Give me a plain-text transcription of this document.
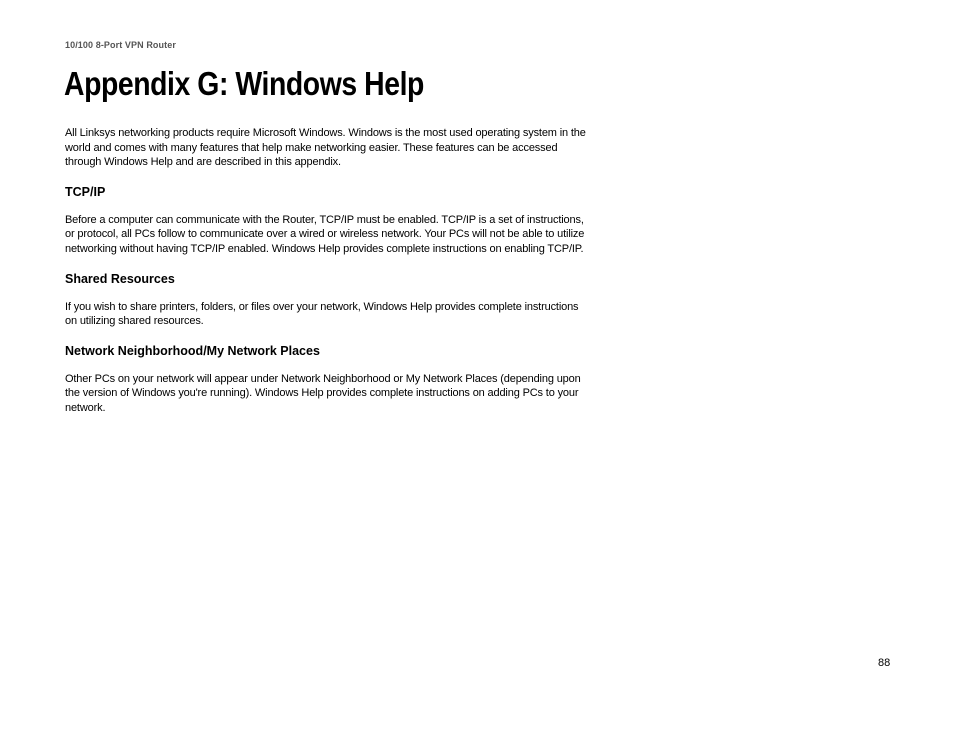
10/100 8-Port VPN Router
Appendix G: Windows Help

All Linksys networking products require Microsoft Windows. Windows is the most used operating system in the world and comes with many features that help make networking easier. These features can be accessed through Windows Help and are described in this appendix.

TCP/IP

Before a computer can communicate with the Router, TCP/IP must be enabled. TCP/IP is a set of instructions, or protocol, all PCs follow to communicate over a wired or wireless network. Your PCs will not be able to utilize networking without having TCP/IP enabled. Windows Help provides complete instructions on enabling TCP/IP.

Shared Resources

If you wish to share printers, folders, or files over your network, Windows Help provides complete instructions on utilizing shared resources.

Network Neighborhood/My Network Places

Other PCs on your network will appear under Network Neighborhood or My Network Places (depending upon the version of Windows you're running). Windows Help provides complete instructions on adding PCs to your network.

88
